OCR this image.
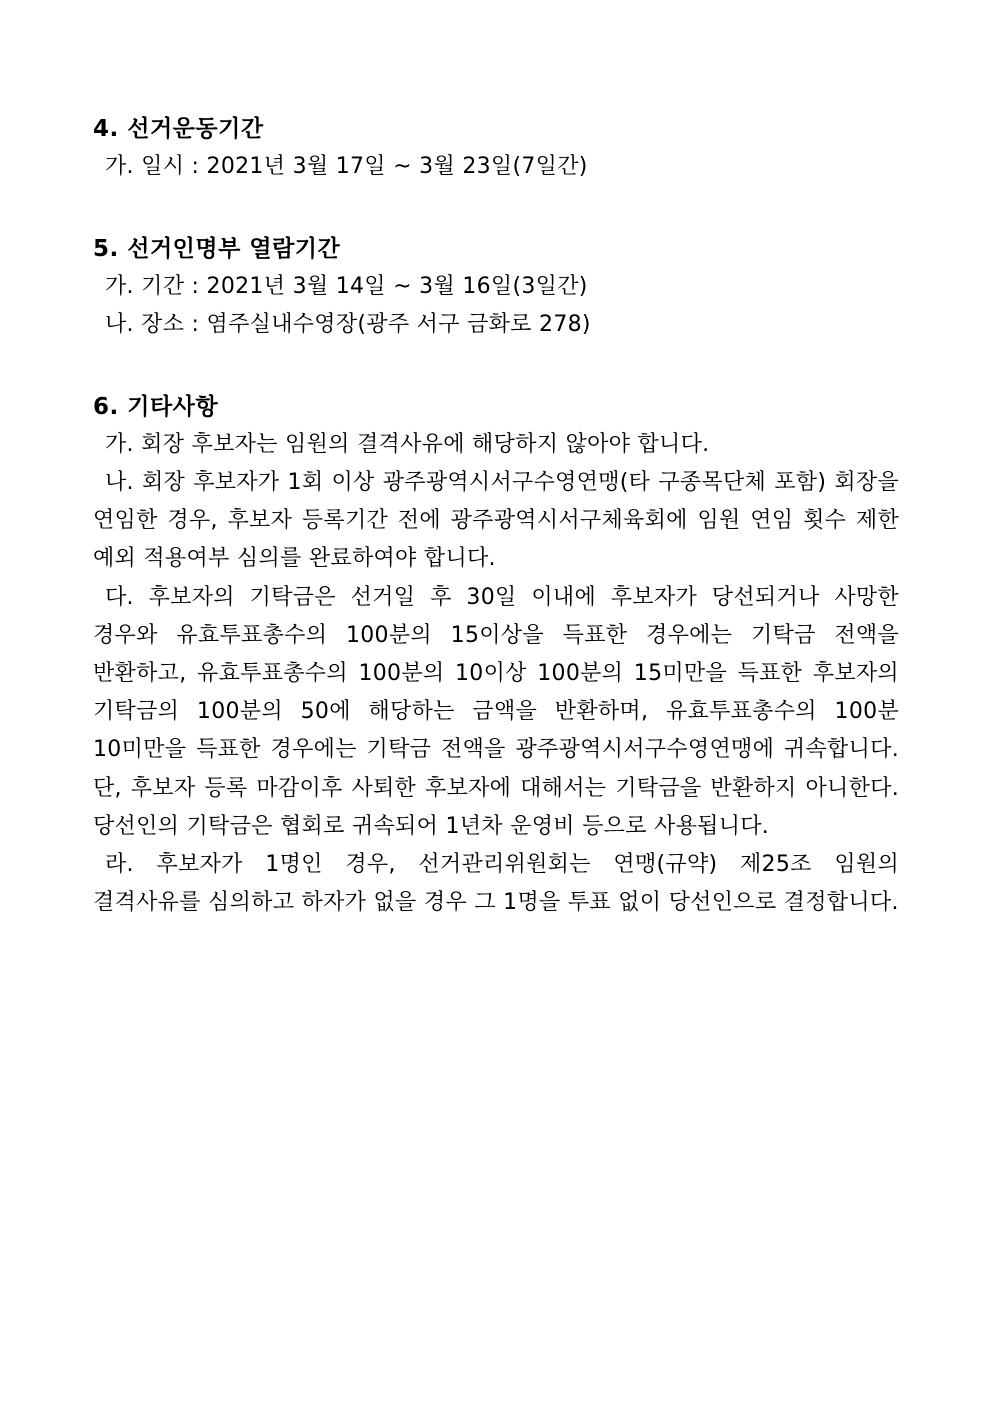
4. 선거운동기간
가. 일시 : 2021년 3월 17일 ~ 3월 23일(7일간)
5. 선거인명부 열람기간
가. 기간 : 2021년 3월 14일 ~ 3월 16일(3일간)
나. 장소 : 염주실내수영장(광주 서구 금화로 278)
6. 기타사항
가. 회장 후보자는 임원의 결격사유에 해당하지 않아야 합니다.

나. 회장 후보자가 1회 이상 광주광역시서구수영연맹(타 구종목단체 포함) 회장을 연임한 경우, 후보자 등록기간 전에 광주광역시서구체육회에 임원 연임 횟수 제한 예외 적용여부 심의를 완료하여야 합니다.

다. 후보자의 기탁금은 선거일 후 30일 이내에 후보자가 당선되거나 사망한 경우와 유효투표총수의 100분의 15이상을 득표한 경우에는 기탁금 전액을 반환하고, 유효투표총수의 100분의 10이상 100분의 15미만을 득표한 후보자의 기탁금의 100분의 50에 해당하는 금액을 반환하며, 유효투표총수의 100분 10미만을 득표한 경우에는 기탁금 전액을 광주광역시서구수영연맹에 귀속합니다. 단, 후보자 등록 마감이후 사퇴한 후보자에 대해서는 기탁금을 반환하지 아니한다. 당선인의 기탁금은 협회로 귀속되어 1년차 운영비 등으로 사용됩니다.

라. 후보자가 1명인 경우, 선거관리위원회는 연맹(규약) 제25조 임원의 결격사유를 심의하고 하자가 없을 경우 그 1명을 투표 없이 당선인으로 결정합니다.
